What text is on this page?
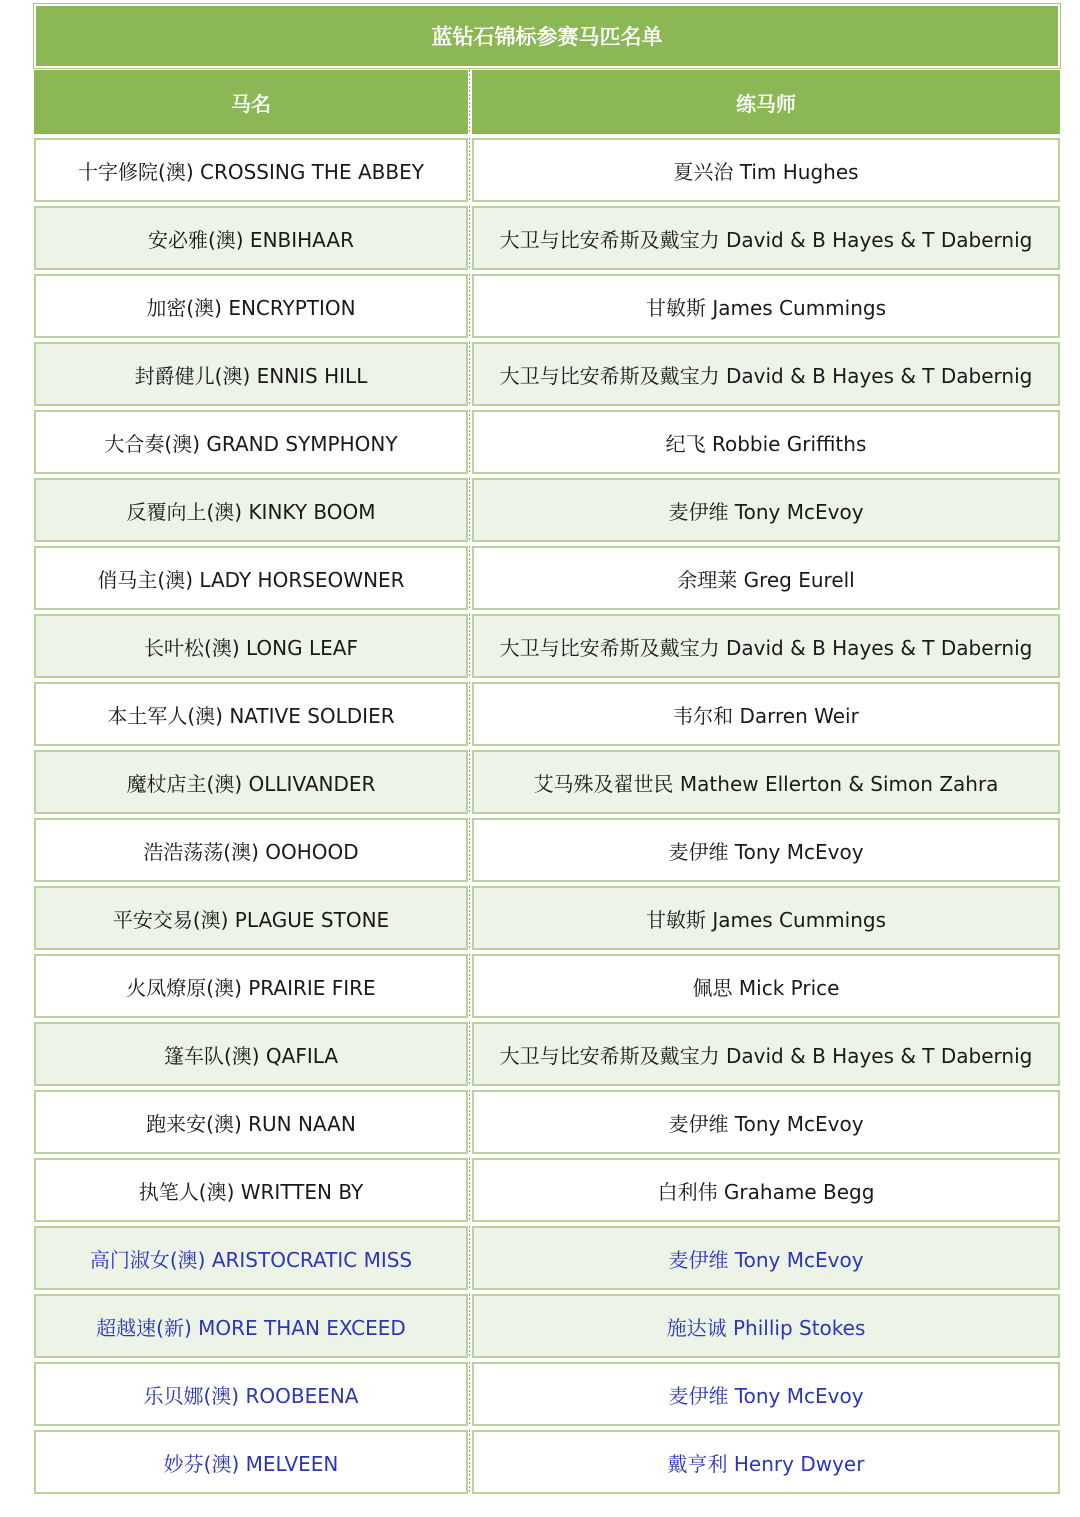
蓝钻石锦标参赛马匹名单
马名	练马师
十字修院(澳) CROSSING THE ABBEY	夏兴治 Tim Hughes
安必雅(澳) ENBIHAAR	大卫与比安希斯及戴宝力 David & B Hayes & T Dabernig
加密(澳) ENCRYPTION	甘敏斯 James Cummings
封爵健儿(澳) ENNIS HILL	大卫与比安希斯及戴宝力 David & B Hayes & T Dabernig
大合奏(澳) GRAND SYMPHONY	纪飞 Robbie Griffiths
反覆向上(澳) KINKY BOOM	麦伊维 Tony McEvoy
俏马主(澳) LADY HORSEOWNER	余理莱 Greg Eurell
长叶松(澳) LONG LEAF	大卫与比安希斯及戴宝力 David & B Hayes & T Dabernig
本土军人(澳) NATIVE SOLDIER	韦尔和 Darren Weir
魔杖店主(澳) OLLIVANDER	艾马殊及翟世民 Mathew Ellerton & Simon Zahra
浩浩荡荡(澳) OOHOOD	麦伊维 Tony McEvoy
平安交易(澳) PLAGUE STONE	甘敏斯 James Cummings
火凤燎原(澳) PRAIRIE FIRE	佩思 Mick Price
篷车队(澳) QAFILA	大卫与比安希斯及戴宝力 David & B Hayes & T Dabernig
跑来安(澳) RUN NAAN	麦伊维 Tony McEvoy
执笔人(澳) WRITTEN BY	白利伟 Grahame Begg
高门淑女(澳) ARISTOCRATIC MISS	麦伊维 Tony McEvoy
超越速(新) MORE THAN EXCEED	施达诚 Phillip Stokes
乐贝娜(澳) ROOBEENA	麦伊维 Tony McEvoy
妙芬(澳) MELVEEN	戴亨利 Henry Dwyer
